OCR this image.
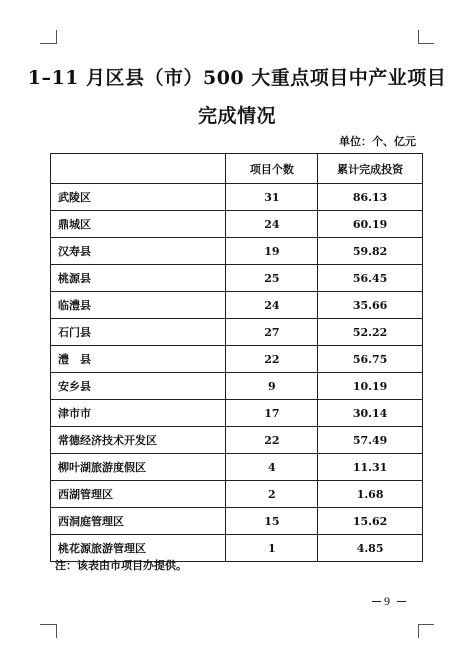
1–11 月区县（市）500 大重点项目中产业项目
完成情况
单位：个、亿元
	项目个数	累计完成投资
武陵区	31	86.13
鼎城区	24	60.19
汉寿县	19	59.82
桃源县	25	56.45
临澧县	24	35.66
石门县	27	52.22
澧　县	22	56.75
安乡县	9	10.19
津市市	17	30.14
常德经济技术开发区	22	57.49
柳叶湖旅游度假区	4	11.31
西湖管理区	2	1.68
西洞庭管理区	15	15.62
桃花源旅游管理区	1	4.85
注：该表由市项目办提供。
9
